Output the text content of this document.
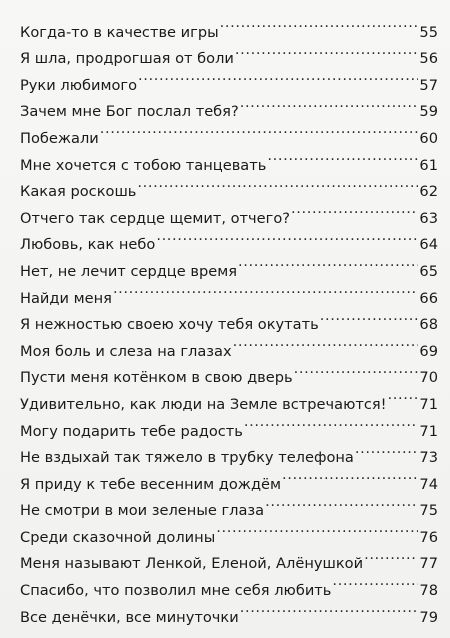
Когда-то в качестве игры .....	55
Я шла, продрогшая от боли .....	56
Руки любимого .....	57
Зачем мне Бог послал тебя? .....	59
Побежали .....	60
Мне хочется с тобою танцевать .....	61
Какая роскошь .....	62
Отчего так сердце щемит, отчего? .....	63
Любовь, как небо .....	64
Нет, не лечит сердце время .....	65
Найди меня .....	66
Я нежностью своею хочу тебя окутать .....	68
Моя боль и слеза на глазах .....	69
Пусти меня котёнком в свою дверь .....	70
Удивительно, как люди на Земле встречаются! ..... 71
Могу подарить тебе радость .....	71
Не вздыхай так тяжело в трубку телефона .....	73
Я приду к тебе весенним дождём .....	74
Не смотри в мои зеленые глаза .....	75
Среди сказочной долины .....	76
Меня называют Ленкой, Еленой, Алёнушкой .....	77
Спасибо, что позволил мне себя любить .....	78
Все денёчки, все минуточки .....	79
